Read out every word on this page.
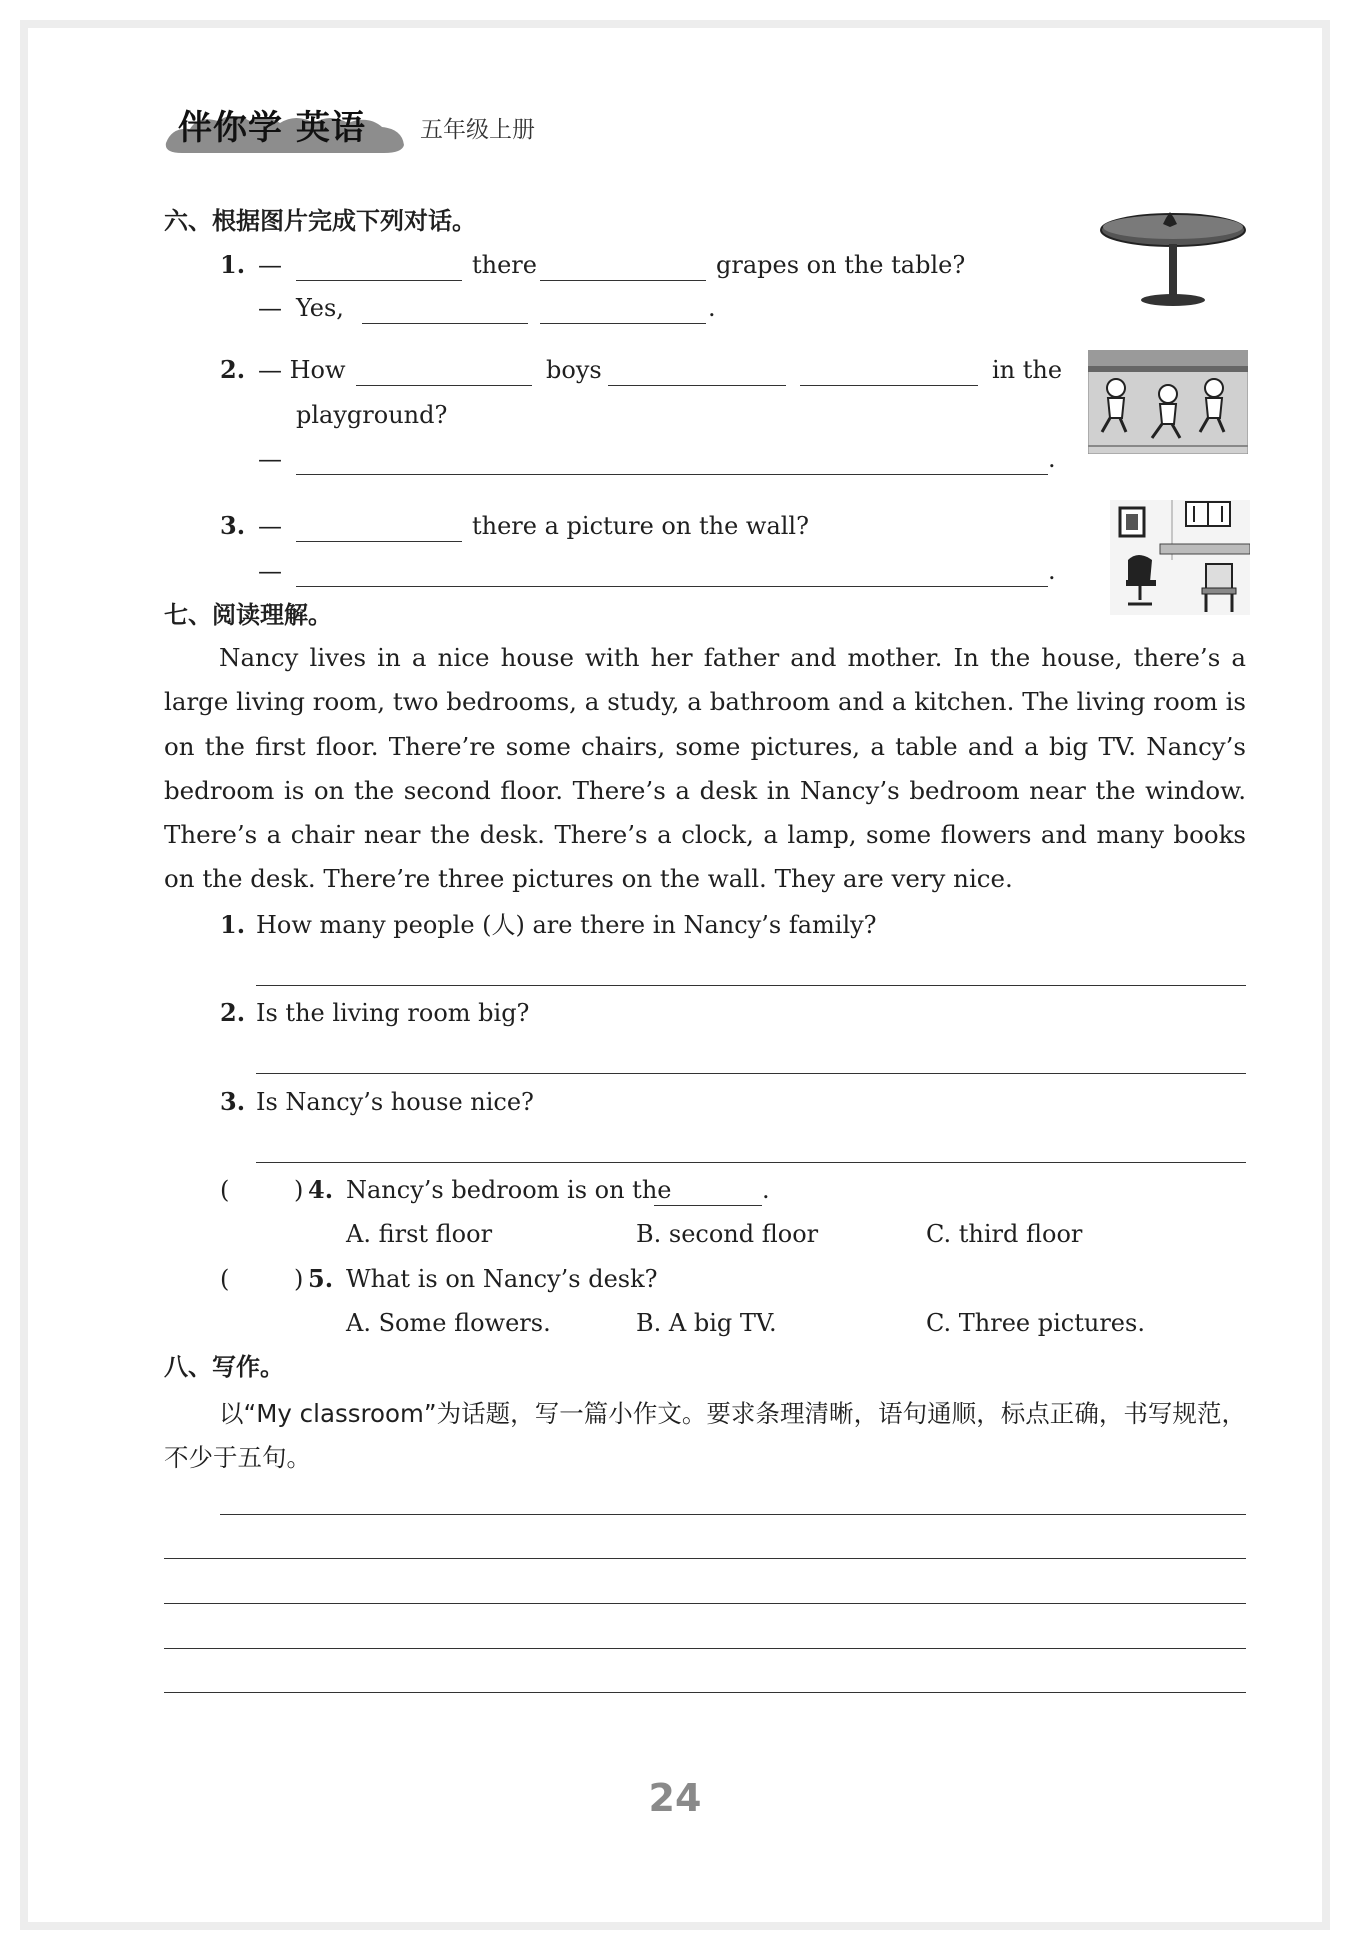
伴你学 英语 五年级上册
六、根据图片完成下列对话。
1. —	there	grapes on the table?
— Yes,	.
2. — How	boys	in the
playground?
—	.
3. —	there a picture on the wall?
—	.
七、阅读理解。
Nancy lives in a nice house with her father and mother. In the house, there’s a large living room, two bedrooms, a study, a bathroom and a kitchen. The living room is on the first floor. There’re some chairs, some pictures, a table and a big TV. Nancy’s bedroom is on the second floor. There’s a desk in Nancy’s bedroom near the window. There’s a chair near the desk. There’s a clock, a lamp, some flowers and many books on the desk. There’re three pictures on the wall. They are very nice.
1. How many people (人) are there in Nancy’s family?
2. Is the living room big?
3. Is Nancy’s house nice?
(	) 4. Nancy’s bedroom is on the	.
A. first floor	B. second floor	C. third floor
(	) 5. What is on Nancy’s desk?
A. Some flowers.	B. A big TV.	C. Three pictures.
八、写作。
以“My classroom”为话题，写一篇小作文。要求条理清晰，语句通顺，标点正确，书写规范，不少于五句。
24
